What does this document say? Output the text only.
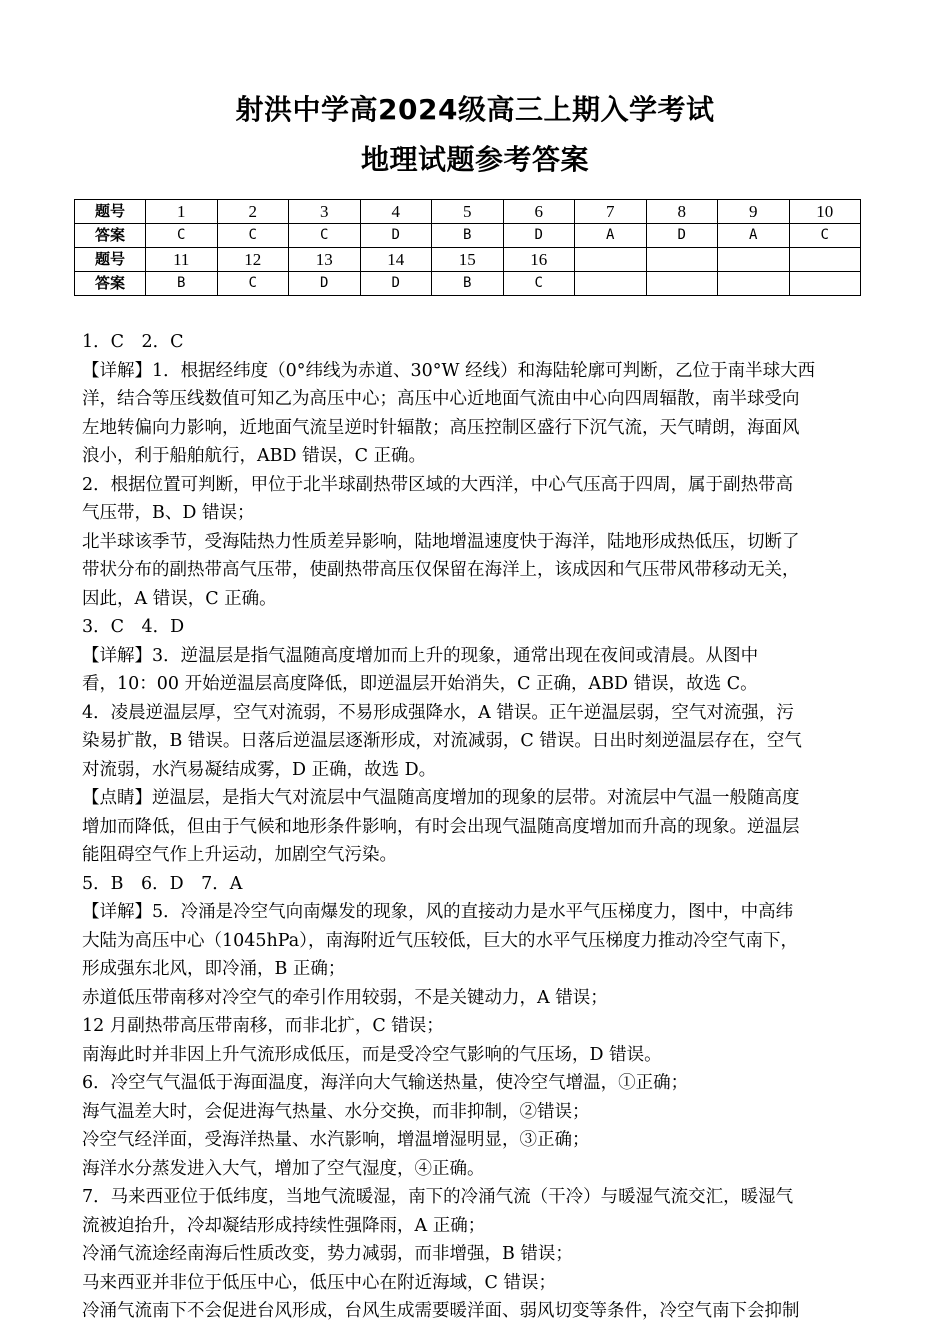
射洪中学高2024级高三上期入学考试
地理试题参考答案
题号	1	2	3	4	5	6	7	8	9	10
答案	C	C	C	D	B	D	A	D	A	C
题号	11	12	13	14	15	16				
答案	B	C	D	D	B	C				

1．C　2．C

【详解】1．根据经纬度（0°纬线为赤道、30°W 经线）和海陆轮廓可判断，乙位于南半球大西

洋，结合等压线数值可知乙为高压中心；高压中心近地面气流由中心向四周辐散，南半球受向

左地转偏向力影响，近地面气流呈逆时针辐散；高压控制区盛行下沉气流，天气晴朗，海面风

浪小，利于船舶航行，ABD 错误，C 正确。

2．根据位置可判断，甲位于北半球副热带区域的大西洋，中心气压高于四周，属于副热带高

气压带，B、D 错误；

北半球该季节，受海陆热力性质差异影响，陆地增温速度快于海洋，陆地形成热低压，切断了

带状分布的副热带高气压带，使副热带高压仅保留在海洋上，该成因和气压带风带移动无关，

因此，A 错误，C 正确。

3．C　4．D

【详解】3．逆温层是指气温随高度增加而上升的现象，通常出现在夜间或清晨。从图中

看，10：00 开始逆温层高度降低，即逆温层开始消失，C 正确，ABD 错误，故选 C。

4．凌晨逆温层厚，空气对流弱，不易形成强降水，A 错误。正午逆温层弱，空气对流强，污

染易扩散，B 错误。日落后逆温层逐渐形成，对流减弱，C 错误。日出时刻逆温层存在，空气

对流弱，水汽易凝结成雾，D 正确，故选 D。

【点睛】逆温层，是指大气对流层中气温随高度增加的现象的层带。对流层中气温一般随高度

增加而降低，但由于气候和地形条件影响，有时会出现气温随高度增加而升高的现象。逆温层

能阻碍空气作上升运动，加剧空气污染。

5．B　6．D　7．A

【详解】5．冷涌是冷空气向南爆发的现象，风的直接动力是水平气压梯度力，图中，中高纬

大陆为高压中心（1045hPa），南海附近气压较低，巨大的水平气压梯度力推动冷空气南下，

形成强东北风，即冷涌，B 正确；

赤道低压带南移对冷空气的牵引作用较弱，不是关键动力，A 错误；

12 月副热带高压带南移，而非北扩，C 错误；

南海此时并非因上升气流形成低压，而是受冷空气影响的气压场，D 错误。

6．冷空气气温低于海面温度，海洋向大气输送热量，使冷空气增温，①正确；

海气温差大时，会促进海气热量、水分交换，而非抑制，②错误；

冷空气经洋面，受海洋热量、水汽影响，增温增湿明显，③正确；

海洋水分蒸发进入大气，增加了空气湿度，④正确。

7．马来西亚位于低纬度，当地气流暖湿，南下的冷涌气流（干冷）与暖湿气流交汇，暖湿气

流被迫抬升，冷却凝结形成持续性强降雨，A 正确；

冷涌气流途经南海后性质改变，势力减弱，而非增强，B 错误；

马来西亚并非位于低压中心，低压中心在附近海域，C 错误；

冷涌气流南下不会促进台风形成，台风生成需要暖洋面、弱风切变等条件，冷空气南下会抑制
